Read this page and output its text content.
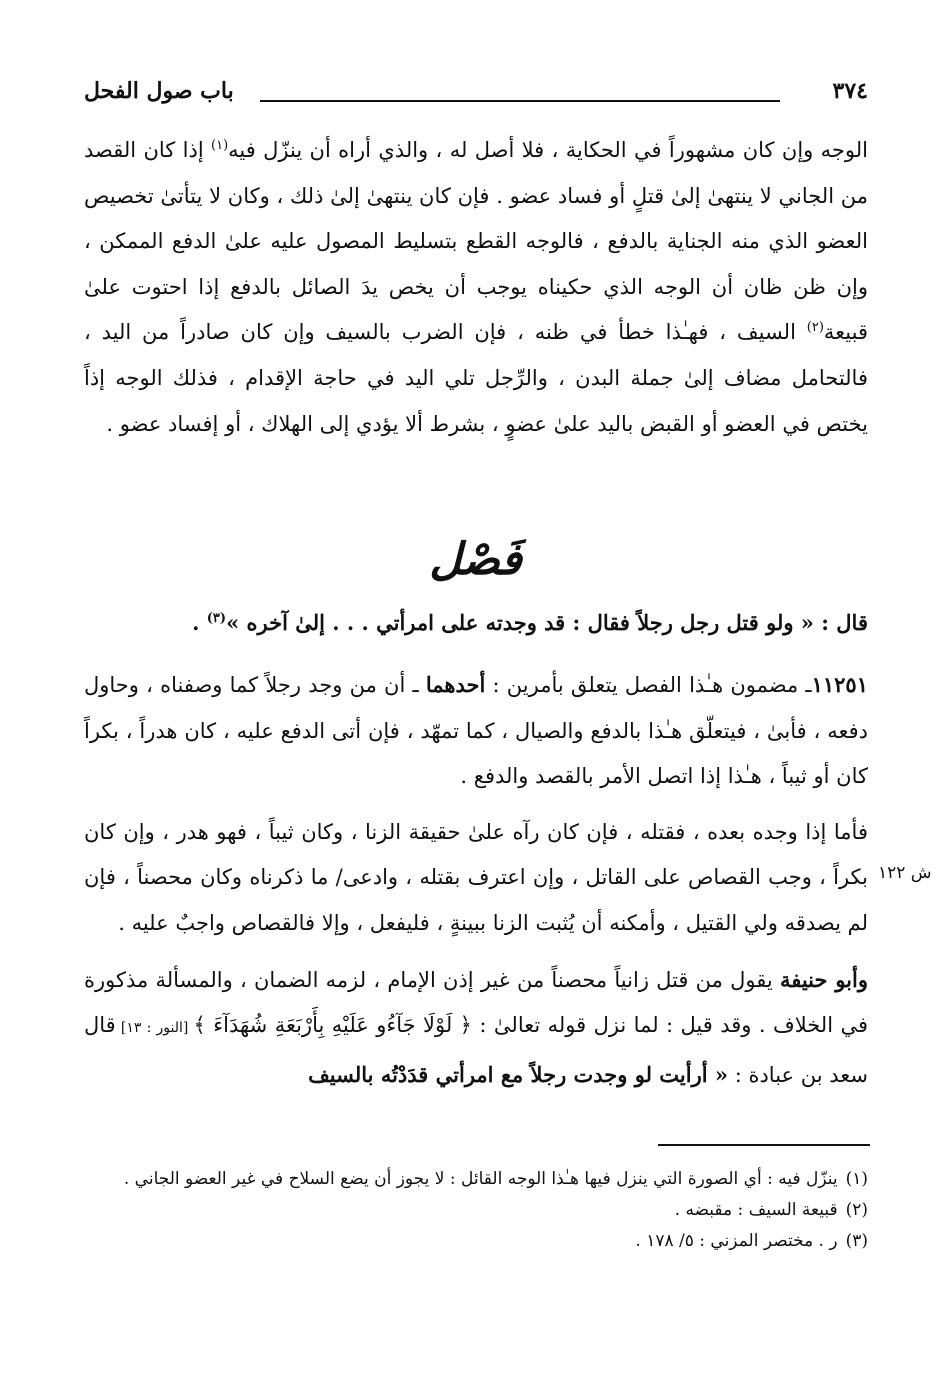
٣٧٤
باب صول الفحل

الوجه وإن كان مشهوراً في الحكاية ، فلا أصل له ، والذي أراه أن ينزّل فيه$^{(١)}$ إذا كان القصد من الجاني لا ينتهىٰ إلىٰ قتلٍ أو فساد عضو . فإن كان ينتهىٰ إلىٰ ذلك ، وكان لا يتأتىٰ تخصيص العضو الذي منه الجناية بالدفع ، فالوجه القطع بتسليط المصول عليه علىٰ الدفع الممكن ، وإن ظن ظان أن الوجه الذي حكيناه يوجب أن يخص يدَ الصائل بالدفع إذا احتوت علىٰ قبيعة$^{(٢)}$ السيف ، فهـٰذا خطأ في ظنه ، فإن الضرب بالسيف وإن كان صادراً من اليد ، فالتحامل مضاف إلىٰ جملة البدن ، والرِّجل تلي اليد في حاجة الإقدام ، فذلك الوجه إذاً يختص في العضو أو القبض باليد علىٰ عضوٍ ، بشرط ألا يؤدي إلى الهلاك ، أو إفساد عضو .

فَصْل

قال : « ولو قتل رجل رجلاً فقال : قد وجدته على امرأتي . . . إلىٰ آخره »$^{(٣)}$ .

١١٢٥١ـ مضمون هـٰذا الفصل يتعلق بأمرين : أحدهما ـ أن من وجد رجلاً كما وصفناه ، وحاول دفعه ، فأبىٰ ، فيتعلّق هـٰذا بالدفع والصيال ، كما تمهّد ، فإن أتى الدفع عليه ، كان هدراً ، بكراً كان أو ثيباً ، هـٰذا إذا اتصل الأمر بالقصد والدفع .

فأما إذا وجده بعده ، فقتله ، فإن كان رآه علىٰ حقيقة الزنا ، وكان ثيباً ، فهو هدر ، وإن كان بكراً ، وجب القصاص على القاتل ، وإن اعترف بقتله ، وادعى/ ما ذكرناه وكان محصناً ، فإن لم يصدقه ولي القتيل ، وأمكنه أن يُثبت الزنا ببينةٍ ، فليفعل ، وإلا فالقصاص واجبٌ عليه .

وأبو حنيفة يقول من قتل زانياً محصناً من غير إذن الإمام ، لزمه الضمان ، والمسألة مذكورة في الخلاف . وقد قيل : لما نزل قوله تعالىٰ : ﴿ لَوْلَا جَآءُو عَلَيْهِ بِأَرْبَعَةِ شُهَدَآءَ ﴾ [النور : ١٣] قال سعد بن عبادة : « أرأيت لو وجدت رجلاً مع امرأتي قدَدْتُه بالسيف

ش ١٢٢

(١)ينزّل فيه : أي الصورة التي ينزل فيها هـٰذا الوجه القائل : لا يجوز أن يضع السلاح في غير العضو الجاني .

(٢)قبيعة السيف : مقبضه .

(٣)ر . مختصر المزني : ٥/ ١٧٨ .
